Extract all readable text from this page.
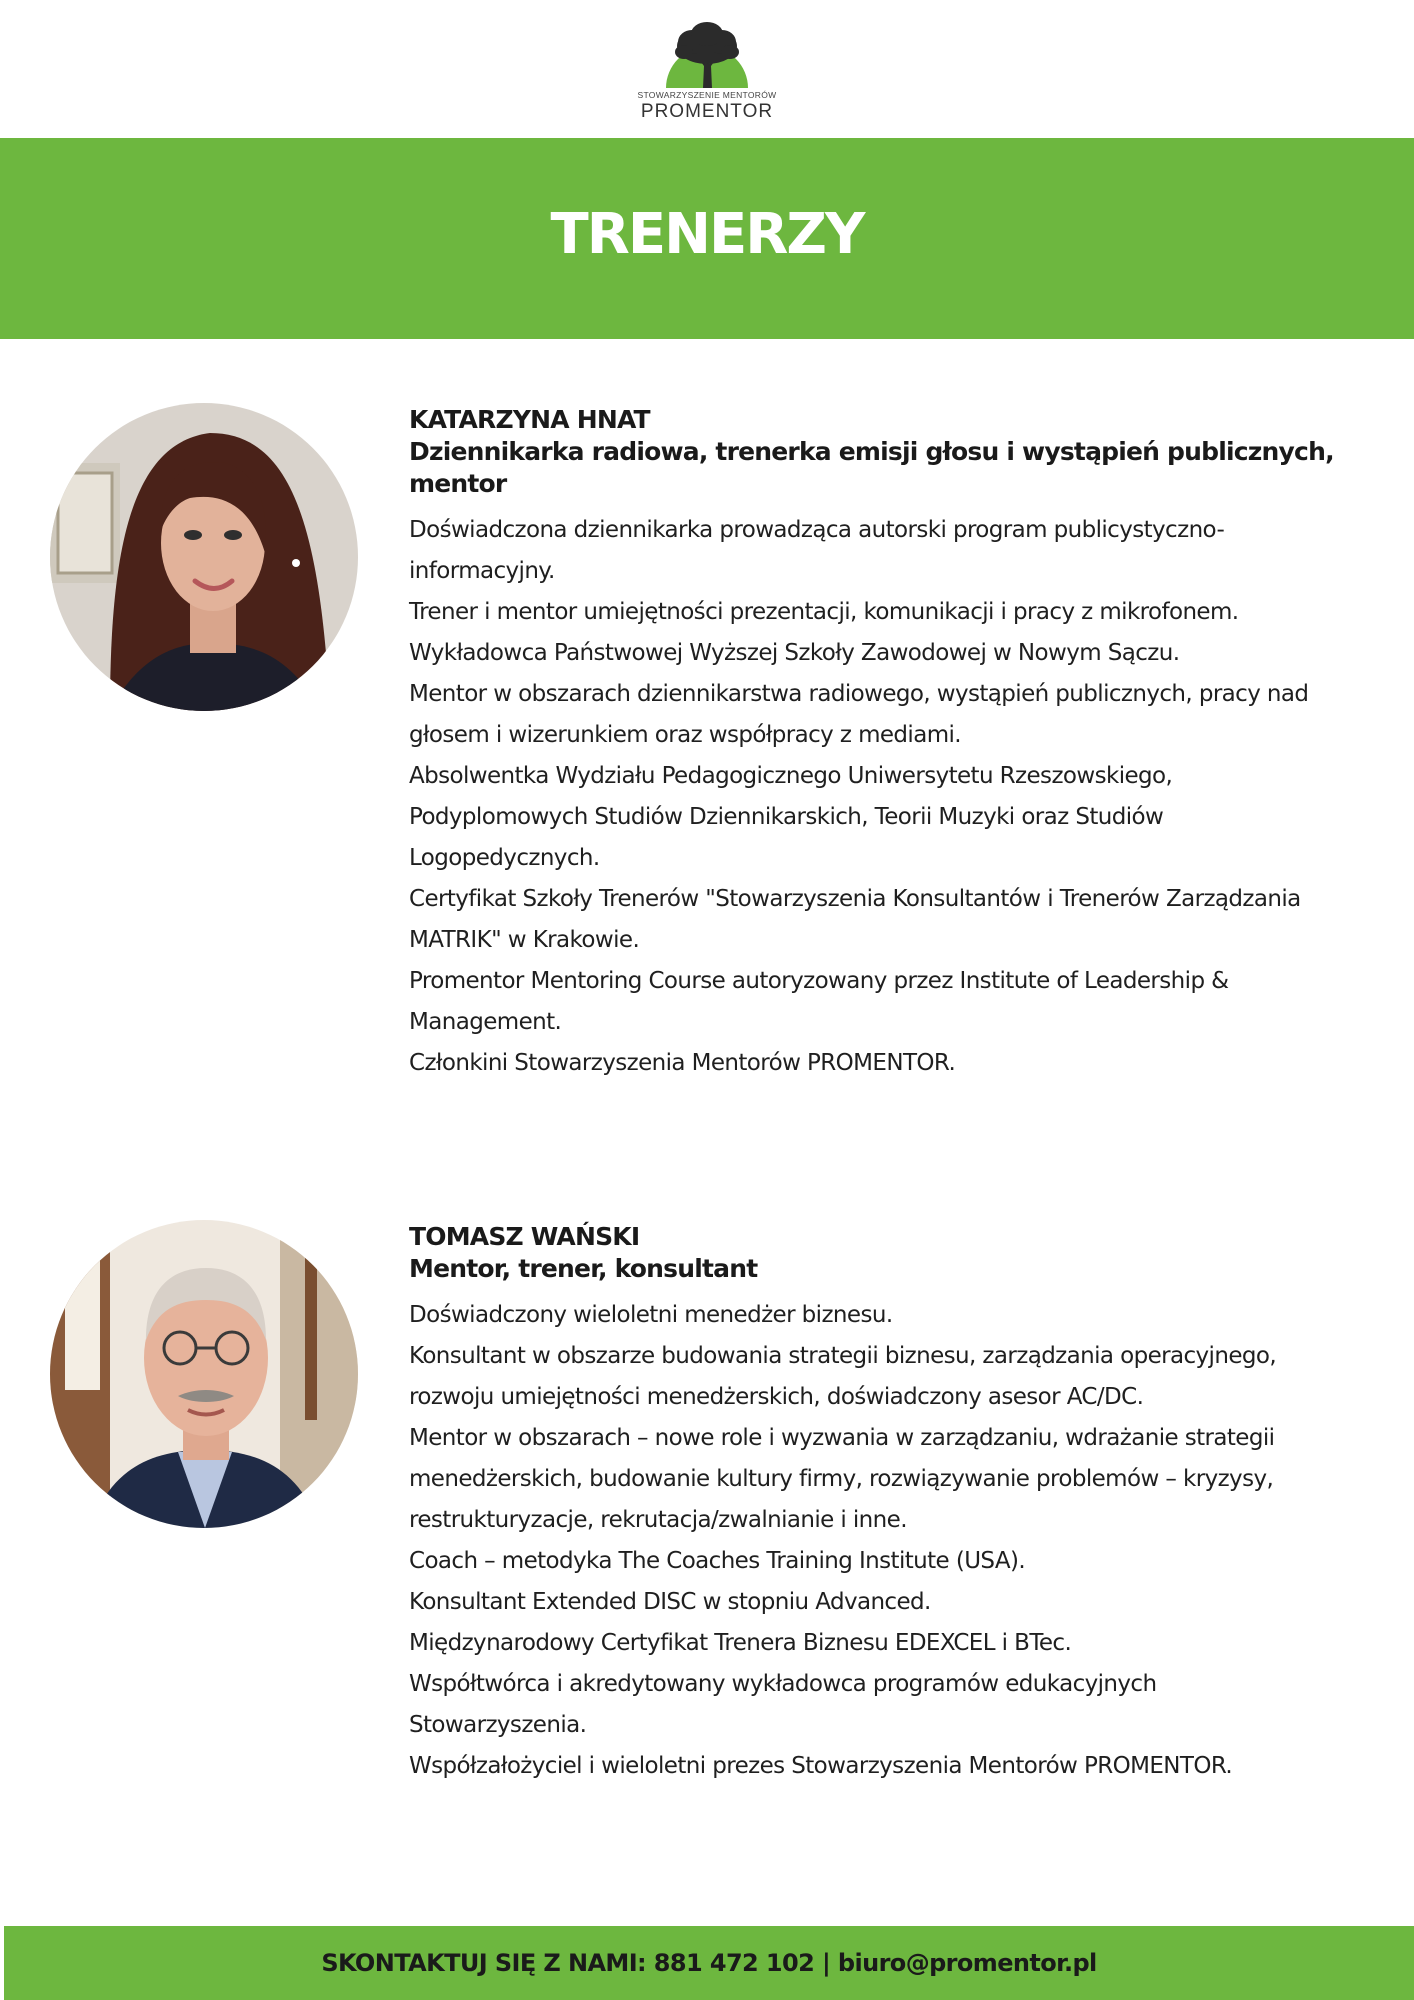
STOWARZYSZENIE MENTORÓW
PROMENTOR
TRENERZY

KATARZYNA HNAT

Dziennikarka radiowa, trenerka emisji głosu i wystąpień publicznych, mentor

Doświadczona dziennikarka prowadząca autorski program publicystyczno-informacyjny.
Trener i mentor umiejętności prezentacji, komunikacji i pracy z mikrofonem.
Wykładowca Państwowej Wyższej Szkoły Zawodowej w Nowym Sączu.
Mentor w obszarach dziennikarstwa radiowego, wystąpień publicznych, pracy nad głosem i wizerunkiem oraz współpracy z mediami.
Absolwentka Wydziału Pedagogicznego Uniwersytetu Rzeszowskiego, Podyplomowych Studiów Dziennikarskich, Teorii Muzyki oraz Studiów Logopedycznych.
Certyfikat Szkoły Trenerów "Stowarzyszenia Konsultantów i Trenerów Zarządzania MATRIK" w Krakowie.
Promentor Mentoring Course autoryzowany przez Institute of Leadership & Management.
Członkini Stowarzyszenia Mentorów PROMENTOR.

TOMASZ WAŃSKI

Mentor, trener, konsultant

Doświadczony wieloletni menedżer biznesu.
Konsultant w obszarze budowania strategii biznesu, zarządzania operacyjnego, rozwoju umiejętności menedżerskich, doświadczony asesor AC/DC.
Mentor w obszarach – nowe role i wyzwania w zarządzaniu, wdrażanie strategii menedżerskich, budowanie kultury firmy, rozwiązywanie problemów – kryzysy, restrukturyzacje, rekrutacja/zwalnianie i inne.
Coach – metodyka The Coaches Training Institute (USA).
Konsultant Extended DISC w stopniu Advanced.
Międzynarodowy Certyfikat Trenera Biznesu EDEXCEL i BTec.
Współtwórca i akredytowany wykładowca programów edukacyjnych Stowarzyszenia.
Współzałożyciel i wieloletni prezes Stowarzyszenia Mentorów PROMENTOR.

SKONTAKTUJ SIĘ Z NAMI: 881 472 102 | biuro@promentor.pl
